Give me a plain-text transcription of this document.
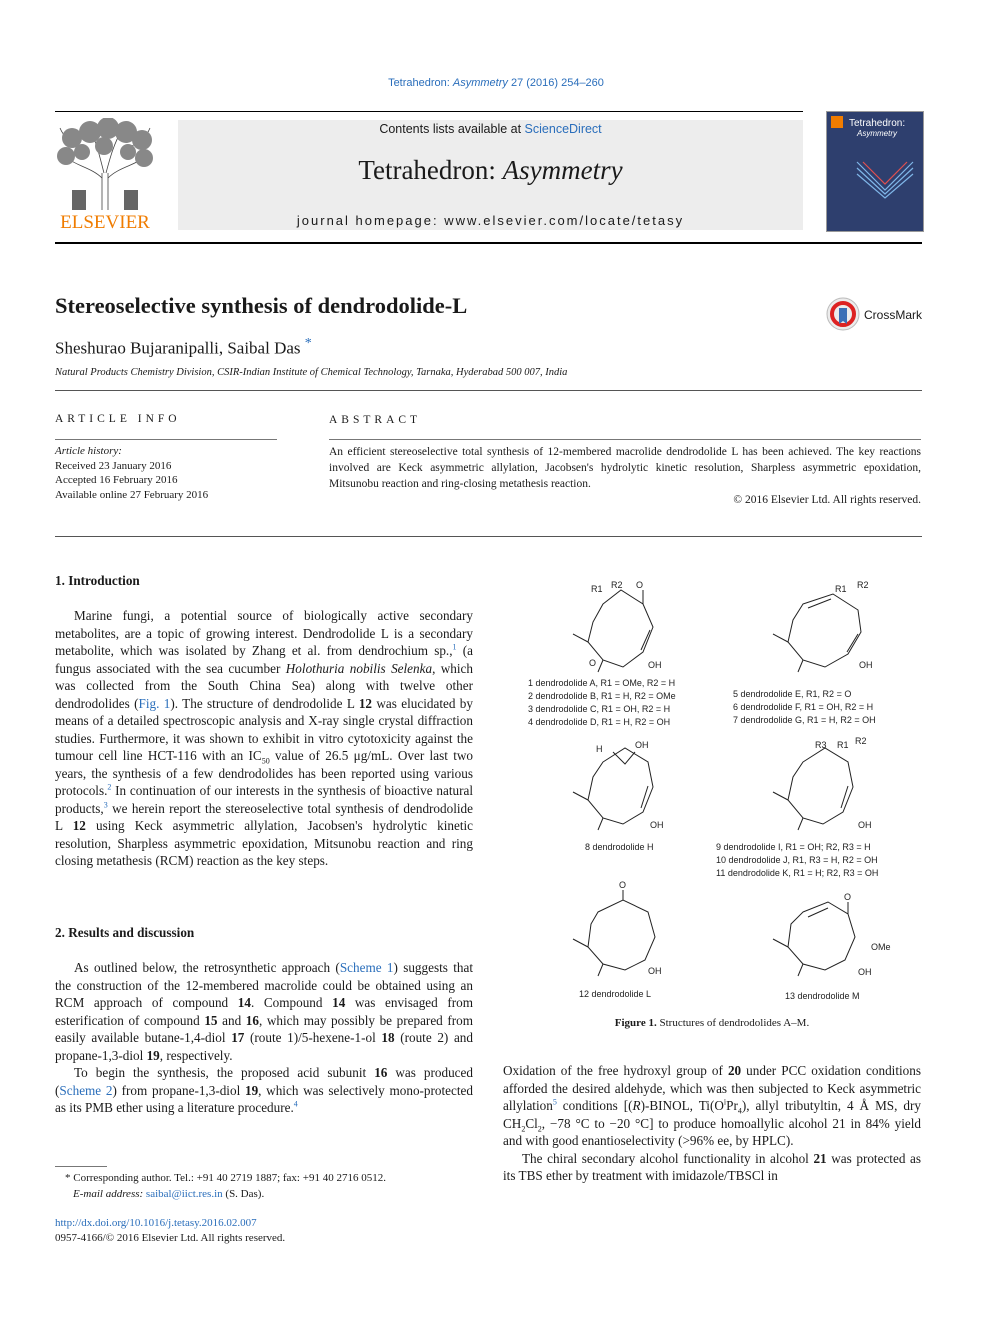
Tetrahedron: Asymmetry 27 (2016) 254–260
ELSEVIER
Contents lists available at ScienceDirect
Tetrahedron: Asymmetry
journal homepage: www.elsevier.com/locate/tetasy
Tetrahedron:
Asymmetry
Stereoselective synthesis of dendrodolide-L	CrossMark
Sheshurao Bujaranipalli, Saibal Das *
Natural Products Chemistry Division, CSIR-Indian Institute of Chemical Technology, Tarnaka, Hyderabad 500 007, India
ARTICLE INFO
Article history:
Received 23 January 2016
Accepted 16 February 2016
Available online 27 February 2016
ABSTRACT
An efficient stereoselective total synthesis of 12-membered macrolide dendrodolide L has been achieved. The key reactions involved are Keck asymmetric allylation, Jacobsen's hydrolytic kinetic resolution, Sharpless asymmetric epoxidation, Mitsunobu reaction and ring-closing metathesis reaction.
© 2016 Elsevier Ltd. All rights reserved.
1. Introduction

Marine fungi, a potential source of biologically active secondary metabolites, are a topic of growing interest. Dendrodolide L is a secondary metabolite, which was isolated by Zhang et al. from dendrochium sp.,$^1$ (a fungus associated with the sea cucumber Holothuria nobilis Selenka, which was collected from the South China Sea) along with twelve other dendrodolides (Fig. 1). The structure of dendrodolide L 12 was elucidated by means of a detailed spectroscopic analysis and X-ray single crystal diffraction studies. Furthermore, it was shown to exhibit in vitro cytotoxicity against the tumour cell line HCT-116 with an $IC_{50}$ value of 26.5 μg/mL. Over last two years, the synthesis of a few dendrodolides has been reported using various protocols.$^2$ In continuation of our interests in the synthesis of bioactive natural products,$^3$ we herein report the stereoselective total synthesis of dendrodolide L 12 using Keck asymmetric allylation, Jacobsen's hydrolytic kinetic resolution, Sharpless asymmetric epoxidation, Mitsunobu reaction and ring closing metathesis (RCM) reaction as the key steps.

2. Results and discussion

As outlined below, the retrosynthetic approach (Scheme 1) suggests that the construction of the 12-membered macrolide could be obtained using an RCM approach of compound 14. Compound 14 was envisaged from esterification of compound 15 and 16, which may possibly be prepared from easily available butane-1,4-diol 17 (route 1)/5-hexene-1-ol 18 (route 2) and propane-1,3-diol 19, respectively.

To begin the synthesis, the proposed acid subunit 16 was produced (Scheme 2) from propane-1,3-diol 19, which was selectively mono-protected as its PMB ether using a literature procedure.$^4$

* Corresponding author. Tel.: +91 40 2719 1887; fax: +91 40 2716 0512.
E-mail address: saibal@iict.res.in (S. Das).
http://dx.doi.org/10.1016/j.tetasy.2016.02.007
0957-4166/© 2016 Elsevier Ltd. All rights reserved.

Oxidation of the free hydroxyl group of 20 under PCC oxidation conditions afforded the desired aldehyde, which was then subjected to Keck asymmetric allylation$^5$ conditions [(R)-BINOL, $Ti(O^iPr_4)$, allyl tributyltin, 4 Å MS, dry $CH_2Cl_2$, −78 °C to −20 °C] to produce homoallylic alcohol 21 in 84% yield and with good enantioselectivity (>96% ee, by HPLC).

The chiral secondary alcohol functionality in alcohol 21 was protected as its TBS ether by treatment with imidazole/TBSCl in

R1 R2 O
OH
O
R1 R2
OH
H	OH
OH
R3 R1 R2
OH
O
OH
O
OMe
OH
1 dendrodolide A, R1 = OMe, R2 = H
2 dendrodolide B, R1 = H, R2 = OMe
3 dendrodolide C, R1 = OH, R2 = H
4 dendrodolide D, R1 = H, R2 = OH
5 dendrodolide E, R1, R2 = O
6 dendrodolide F, R1 = OH, R2 = H
7 dendrodolide G, R1 = H, R2 = OH
8 dendrodolide H	9 dendrodolide I, R1 = OH; R2, R3 = H
10 dendrodolide J, R1, R3 = H, R2 = OH
11 dendrodolide K, R1 = H; R2, R3 = OH
12 dendrodolide L	13 dendrodolide M
Figure 1. Structures of dendrodolides A–M.
